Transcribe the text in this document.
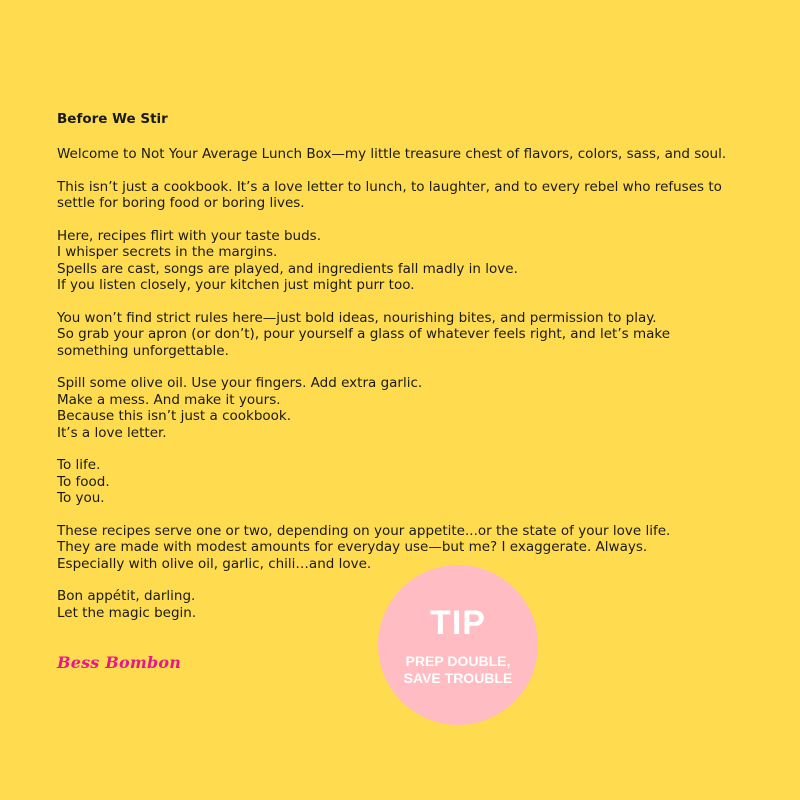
Before We Stir

Welcome to Not Your Average Lunch Box—my little treasure chest of flavors, colors, sass, and soul.

This isn’t just a cookbook. It’s a love letter to lunch, to laughter, and to every rebel who refuses to
settle for boring food or boring lives.

Here, recipes flirt with your taste buds.
I whisper secrets in the margins.
Spells are cast, songs are played, and ingredients fall madly in love.
If you listen closely, your kitchen just might purr too.

You won’t find strict rules here—just bold ideas, nourishing bites, and permission to play.
So grab your apron (or don’t), pour yourself a glass of whatever feels right, and let’s make
something unforgettable.

Spill some olive oil. Use your fingers. Add extra garlic.
Make a mess. And make it yours.
Because this isn’t just a cookbook.
It’s a love letter.

To life.
To food.
To you.

These recipes serve one or two, depending on your appetite...or the state of your love life.
They are made with modest amounts for everyday use—but me? I exaggerate. Always.
Especially with olive oil, garlic, chili…and love.

Bon appétit, darling.
Let the magic begin.

Bess Bombon
TIP
PREP DOUBLE,
SAVE TROUBLE
